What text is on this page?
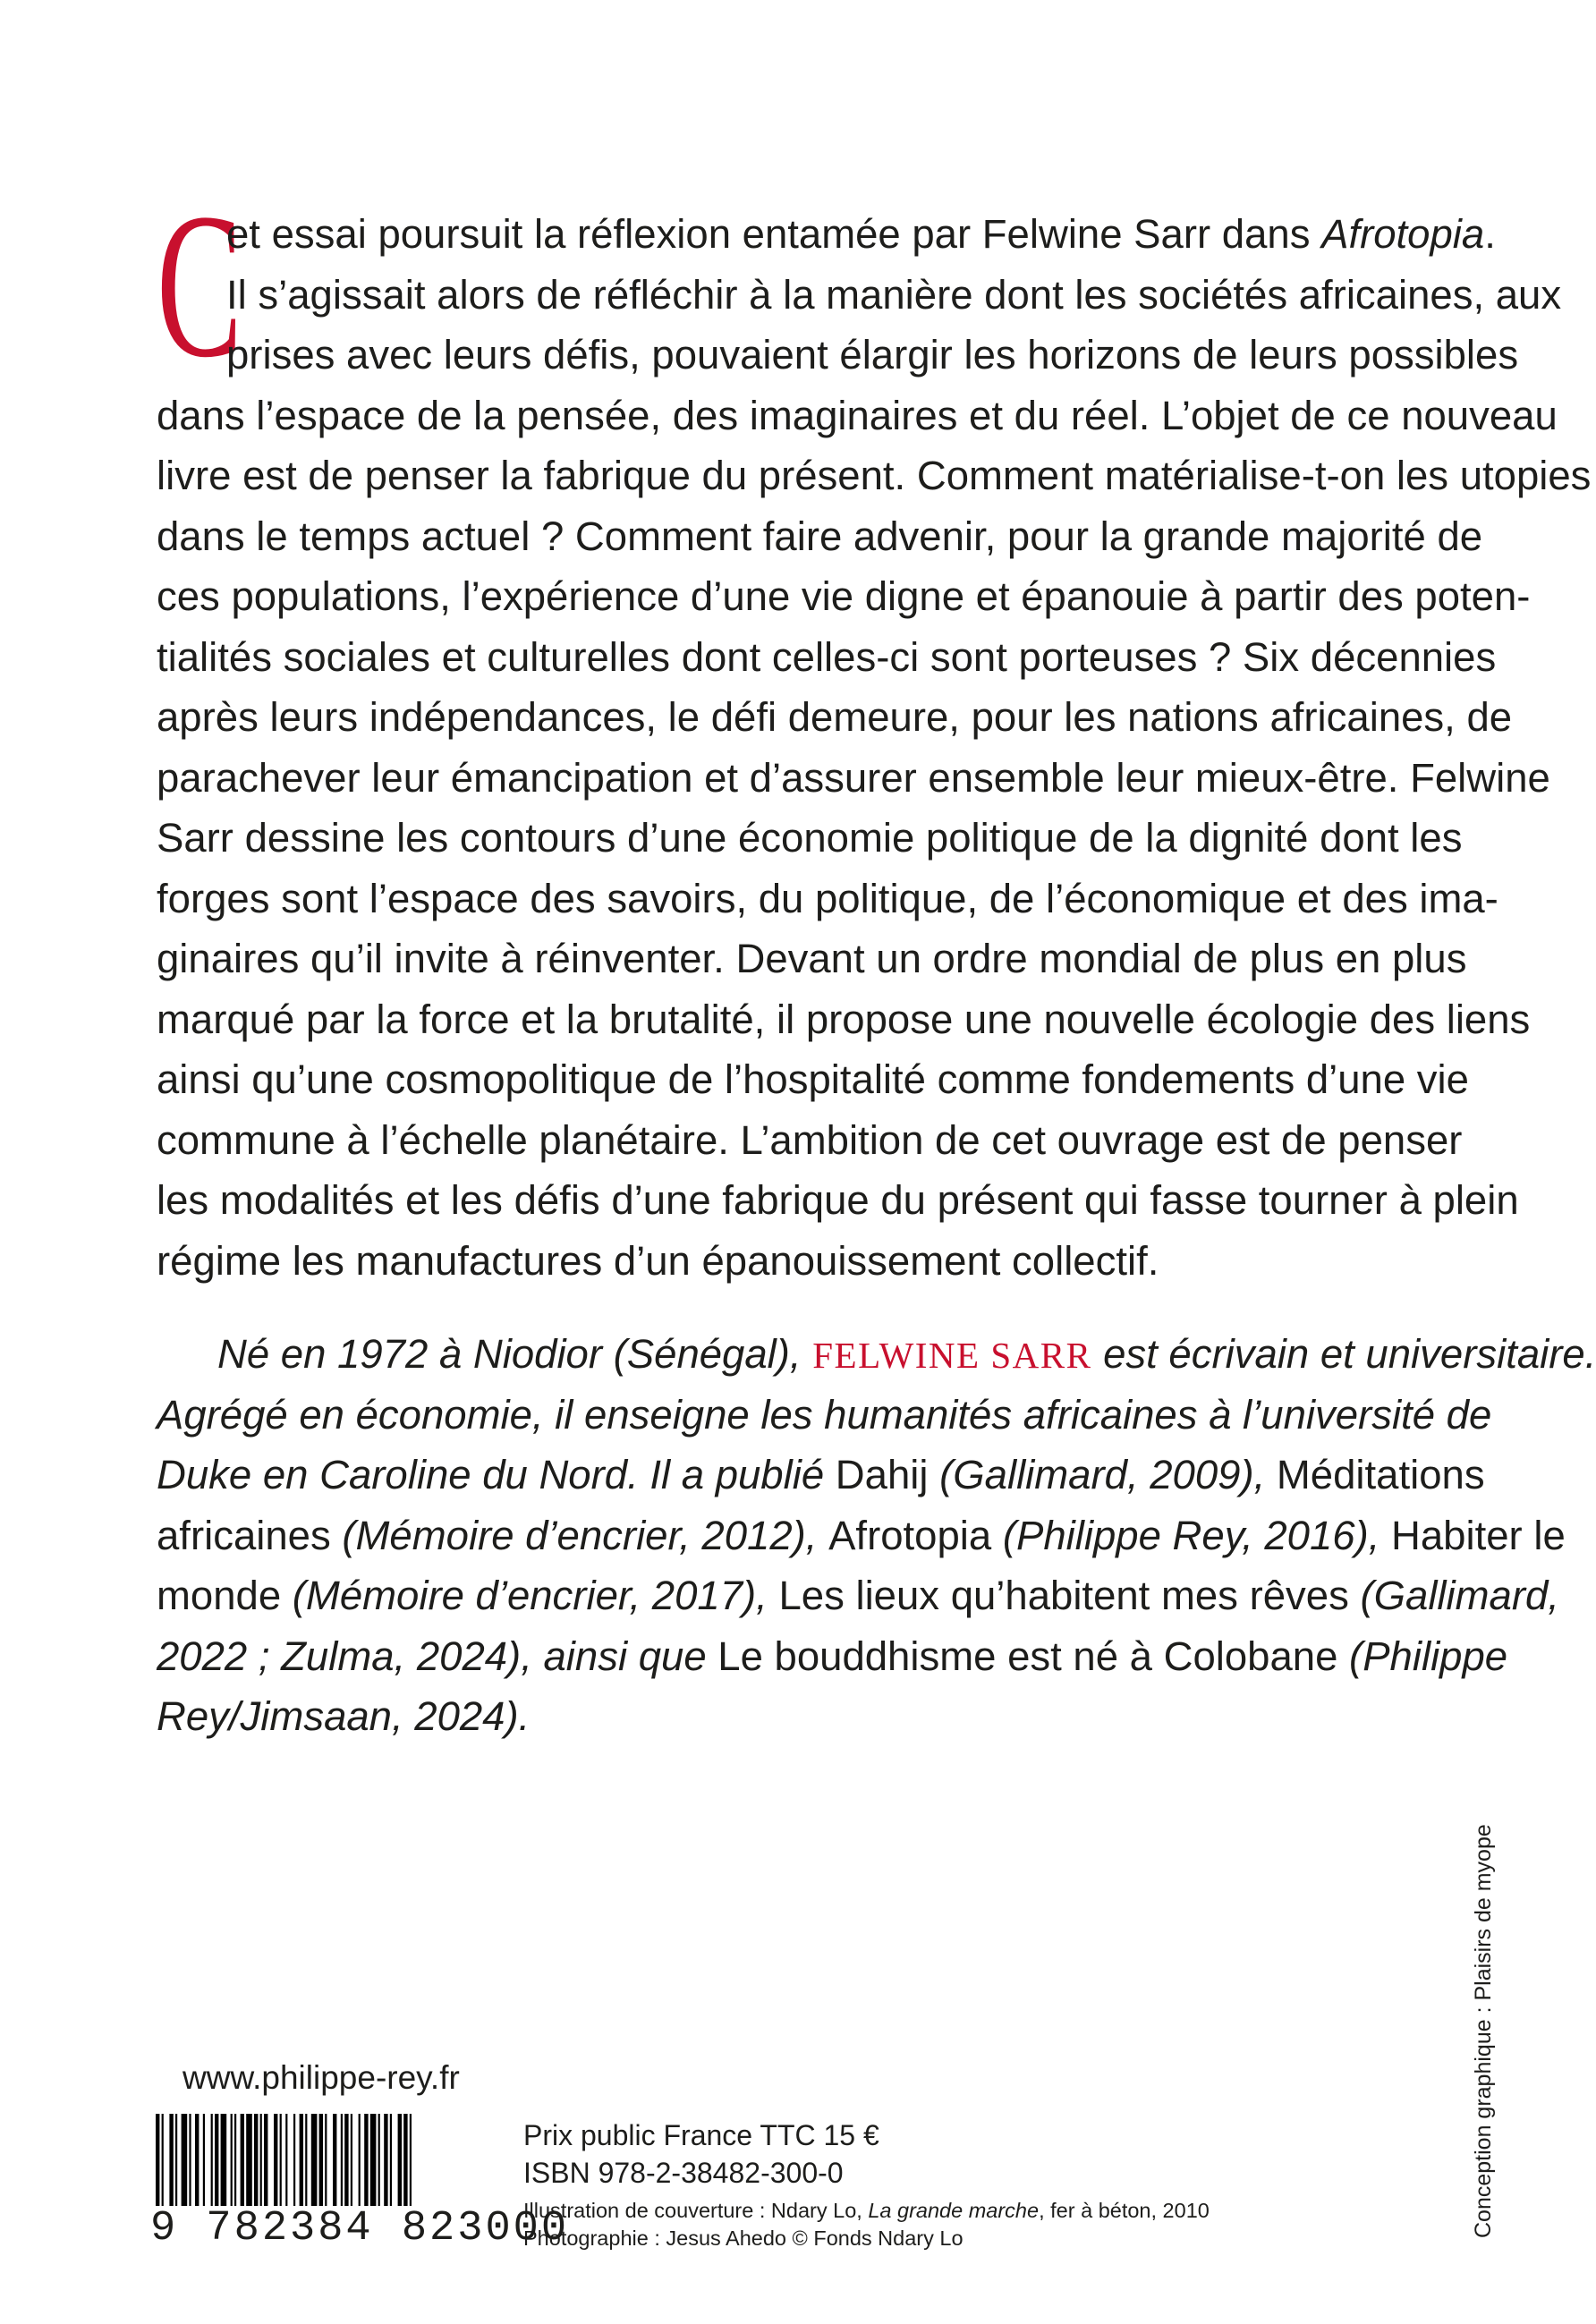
C
et essai poursuit la réflexion entamée par Felwine Sarr dans Afrotopia.
Il s’agissait alors de réfléchir à la manière dont les sociétés africaines, aux
prises avec leurs défis, pouvaient élargir les horizons de leurs possibles
dans l’espace de la pensée, des imaginaires et du réel. L’objet de ce nouveau
livre est de penser la fabrique du présent. Comment matérialise-t-on les utopies
dans le temps actuel ? Comment faire advenir, pour la grande majorité de
ces populations, l’expérience d’une vie digne et épanouie à partir des poten-
tialités sociales et culturelles dont celles-ci sont porteuses ? Six décennies
après leurs indépendances, le défi demeure, pour les nations africaines, de
parachever leur émancipation et d’assurer ensemble leur mieux-être. Felwine
Sarr dessine les contours d’une économie politique de la dignité dont les
forges sont l’espace des savoirs, du politique, de l’économique et des ima-
ginaires qu’il invite à réinventer. Devant un ordre mondial de plus en plus
marqué par la force et la brutalité, il propose une nouvelle écologie des liens
ainsi qu’une cosmopolitique de l’hospitalité comme fondements d’une vie
commune à l’échelle planétaire. L’ambition de cet ouvrage est de penser
les modalités et les défis d’une fabrique du présent qui fasse tourner à plein
régime les manufactures d’un épanouissement collectif.
Né en 1972 à Niodior (Sénégal), FELWINE SARR est écrivain et universitaire.
Agrégé en économie, il enseigne les humanités africaines à l’université de
Duke en Caroline du Nord. Il a publié Dahij (Gallimard, 2009), Méditations
africaines (Mémoire d’encrier, 2012), Afrotopia (Philippe Rey, 2016), Habiter le
monde (Mémoire d’encrier, 2017), Les lieux qu’habitent mes rêves (Gallimard,
2022 ; Zulma, 2024), ainsi que Le bouddhisme est né à Colobane (Philippe
Rey/Jimsaan, 2024).
www.philippe-rey.fr
9 782384 823000
Prix public France TTC 15 €
ISBN 978-2-38482-300-0
Illustration de couverture : Ndary Lo, La grande marche, fer à béton, 2010
Photographie : Jesus Ahedo © Fonds Ndary Lo	Conception graphique : Plaisirs de myope
